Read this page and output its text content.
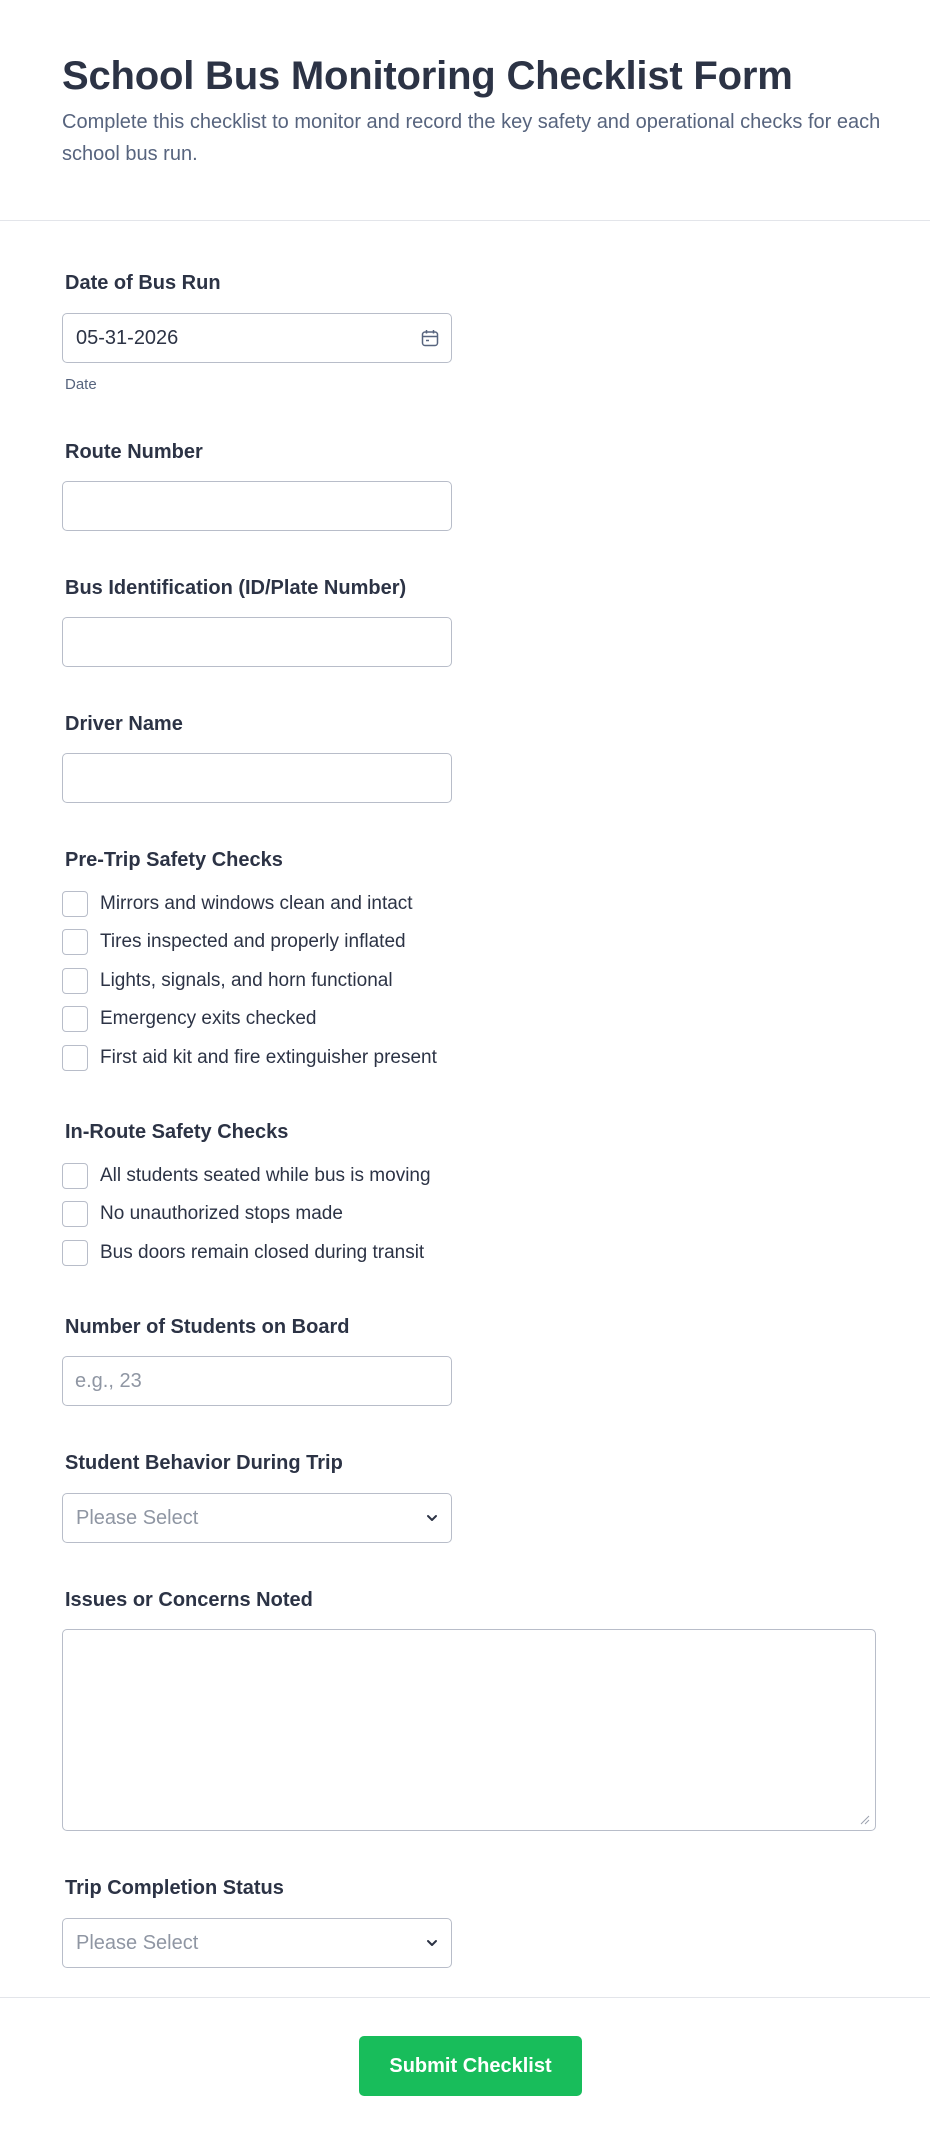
School Bus Monitoring Checklist Form

Complete this checklist to monitor and record the key safety and operational checks for each school bus run.

Date of Bus Run
05-31-2026
Date
Route Number
Bus Identification (ID/Plate Number)
Driver Name
Pre-Trip Safety Checks
Mirrors and windows clean and intact
Tires inspected and properly inflated
Lights, signals, and horn functional
Emergency exits checked
First aid kit and fire extinguisher present
In-Route Safety Checks
All students seated while bus is moving
No unauthorized stops made
Bus doors remain closed during transit
Number of Students on Board
e.g., 23
Student Behavior During Trip
Please Select
Issues or Concerns Noted
Trip Completion Status
Please Select
Submit Checklist
